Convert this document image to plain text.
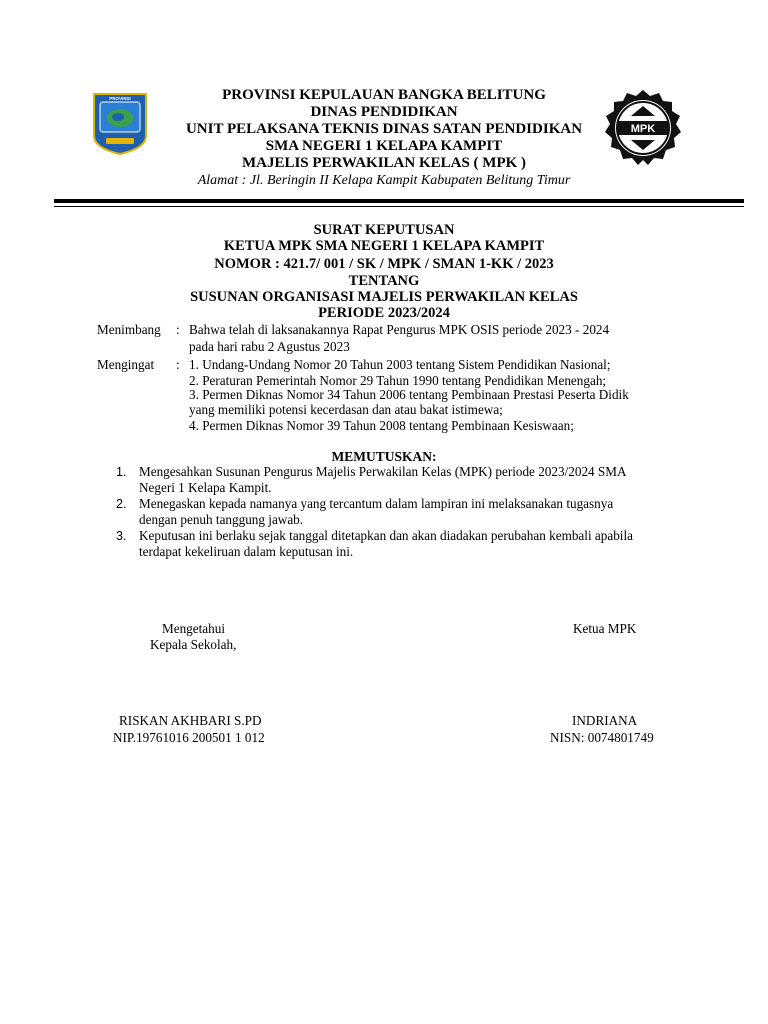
PROVINSI
MPK
PROVINSI KEPULAUAN BANGKA BELITUNG
DINAS PENDIDIKAN
UNIT PELAKSANA TEKNIS DINAS SATAN PENDIDIKAN
SMA NEGERI 1 KELAPA KAMPIT
MAJELIS PERWAKILAN KELAS ( MPK )
Alamat : Jl. Beringin II Kelapa Kampit Kabupaten Belitung Timur
SURAT KEPUTUSAN
KETUA MPK SMA NEGERI 1 KELAPA KAMPIT
NOMOR : 421.7/ 001 / SK / MPK / SMAN 1-KK / 2023
TENTANG
SUSUNAN ORGANISASI MAJELIS PERWAKILAN KELAS
PERIODE 2023/2024
Menimbang : Bahwa telah di laksanakannya Rapat Pengurus MPK OSIS periode 2023 - 2024
pada hari rabu 2 Agustus 2023
Mengingat : 1. Undang-Undang Nomor 20 Tahun 2003 tentang Sistem Pendidikan Nasional;
2. Peraturan Pemerintah Nomor 29 Tahun 1990 tentang Pendidikan Menengah;
3. Permen Diknas Nomor 34 Tahun 2006 tentang Pembinaan Prestasi Peserta Didik
yang memiliki potensi kecerdasan dan atau bakat istimewa;
4. Permen Diknas Nomor 39 Tahun 2008 tentang Pembinaan Kesiswaan;
MEMUTUSKAN:
1. Mengesahkan Susunan Pengurus Majelis Perwakilan Kelas (MPK) periode 2023/2024 SMA
Negeri 1 Kelapa Kampit.
2. Menegaskan kepada namanya yang tercantum dalam lampiran ini melaksanakan tugasnya
dengan penuh tanggung jawab.
3. Keputusan ini berlaku sejak tanggal ditetapkan dan akan diadakan perubahan kembali apabila
terdapat kekeliruan dalam keputusan ini.
Mengetahui
Kepala Sekolah,
RISKAN AKHBARI S.PD
NIP.19761016 200501 1 012
Ketua MPK
INDRIANA
NISN: 0074801749
